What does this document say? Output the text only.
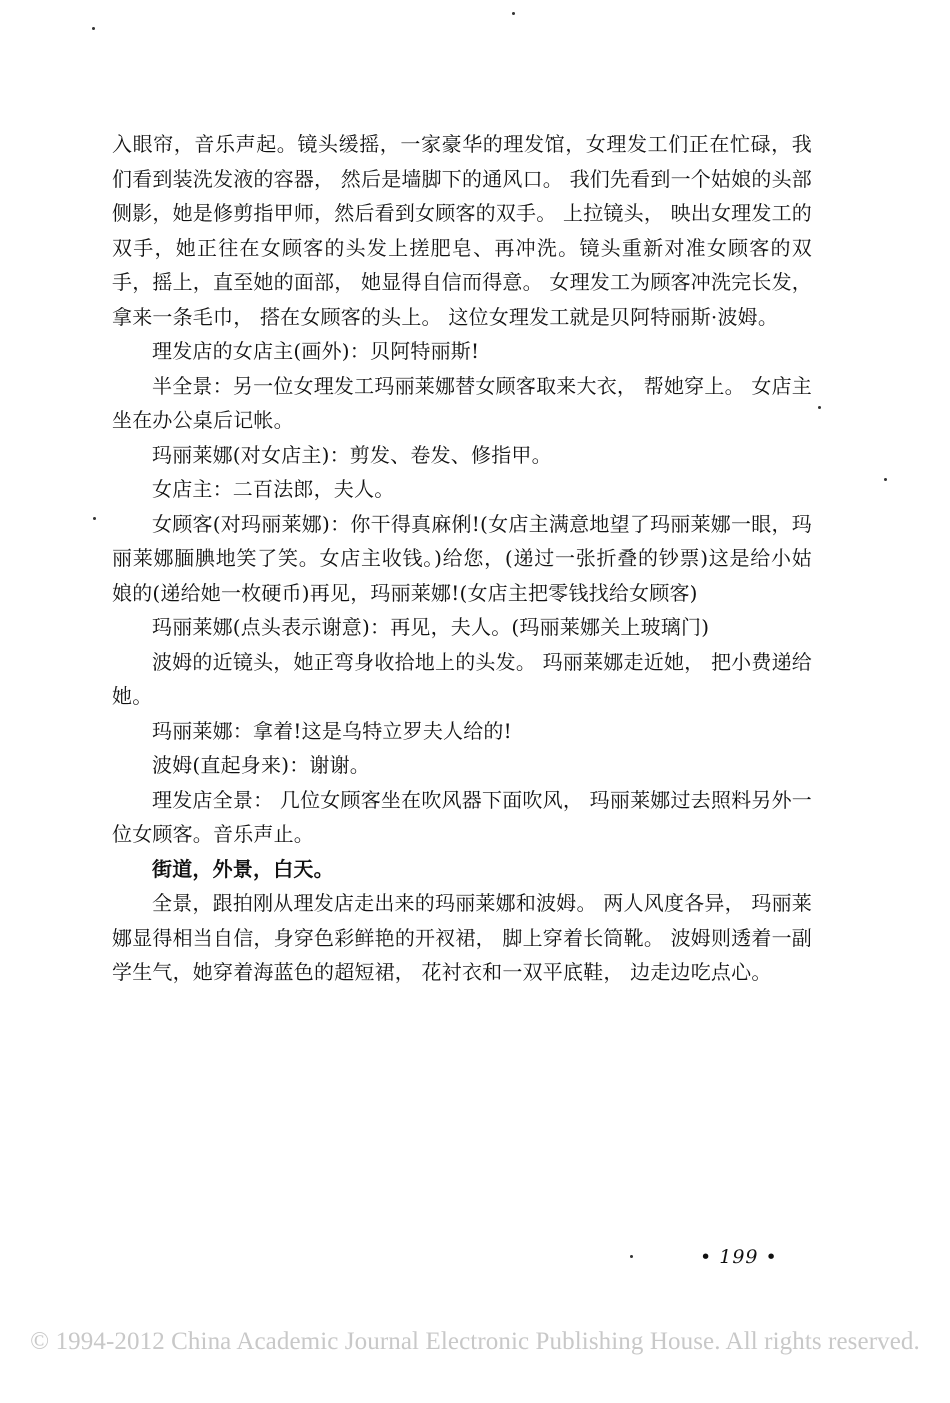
入眼帘，音乐声起。镜头缓摇，一家豪华的理发馆，女理发工们正在忙碌，我们看到装洗发液的容器， 然后是墙脚下的通风口。 我们先看到一个姑娘的头部侧影，她是修剪指甲师，然后看到女顾客的双手。 上拉镜头， 映出女理发工的双手，她正往在女顾客的头发上搓肥皂、再冲洗。镜头重新对准女顾客的双手，摇上，直至她的面部， 她显得自信而得意。 女理发工为顾客冲洗完长发，拿来一条毛巾， 搭在女顾客的头上。 这位女理发工就是贝阿特丽斯·波姆。

理发店的女店主(画外)：贝阿特丽斯!

半全景：另一位女理发工玛丽莱娜替女顾客取来大衣， 帮她穿上。 女店主坐在办公桌后记帐。

玛丽莱娜(对女店主)：剪发、卷发、修指甲。

女店主：二百法郎，夫人。

女顾客(对玛丽莱娜)：你干得真麻俐!(女店主满意地望了玛丽莱娜一眼，玛丽莱娜腼腆地笑了笑。女店主收钱。)给您，(递过一张折叠的钞票)这是给小姑娘的(递给她一枚硬币)再见，玛丽莱娜!(女店主把零钱找给女顾客)

玛丽莱娜(点头表示谢意)：再见，夫人。(玛丽莱娜关上玻璃门)

波姆的近镜头，她正弯身收拾地上的头发。 玛丽莱娜走近她， 把小费递给她。

玛丽莱娜：拿着!这是乌特立罗夫人给的!

波姆(直起身来)：谢谢。

理发店全景： 几位女顾客坐在吹风器下面吹风， 玛丽莱娜过去照料另外一位女顾客。音乐声止。

街道，外景，白天。

全景，跟拍刚从理发店走出来的玛丽莱娜和波姆。 两人风度各异， 玛丽莱娜显得相当自信，身穿色彩鲜艳的开衩裙， 脚上穿着长筒靴。 波姆则透着一副学生气，她穿着海蓝色的超短裙， 花衬衣和一双平底鞋， 边走边吃点心。

• 199 •
© 1994-2012 China Academic Journal Electronic Publishing House. All rights reserved.
